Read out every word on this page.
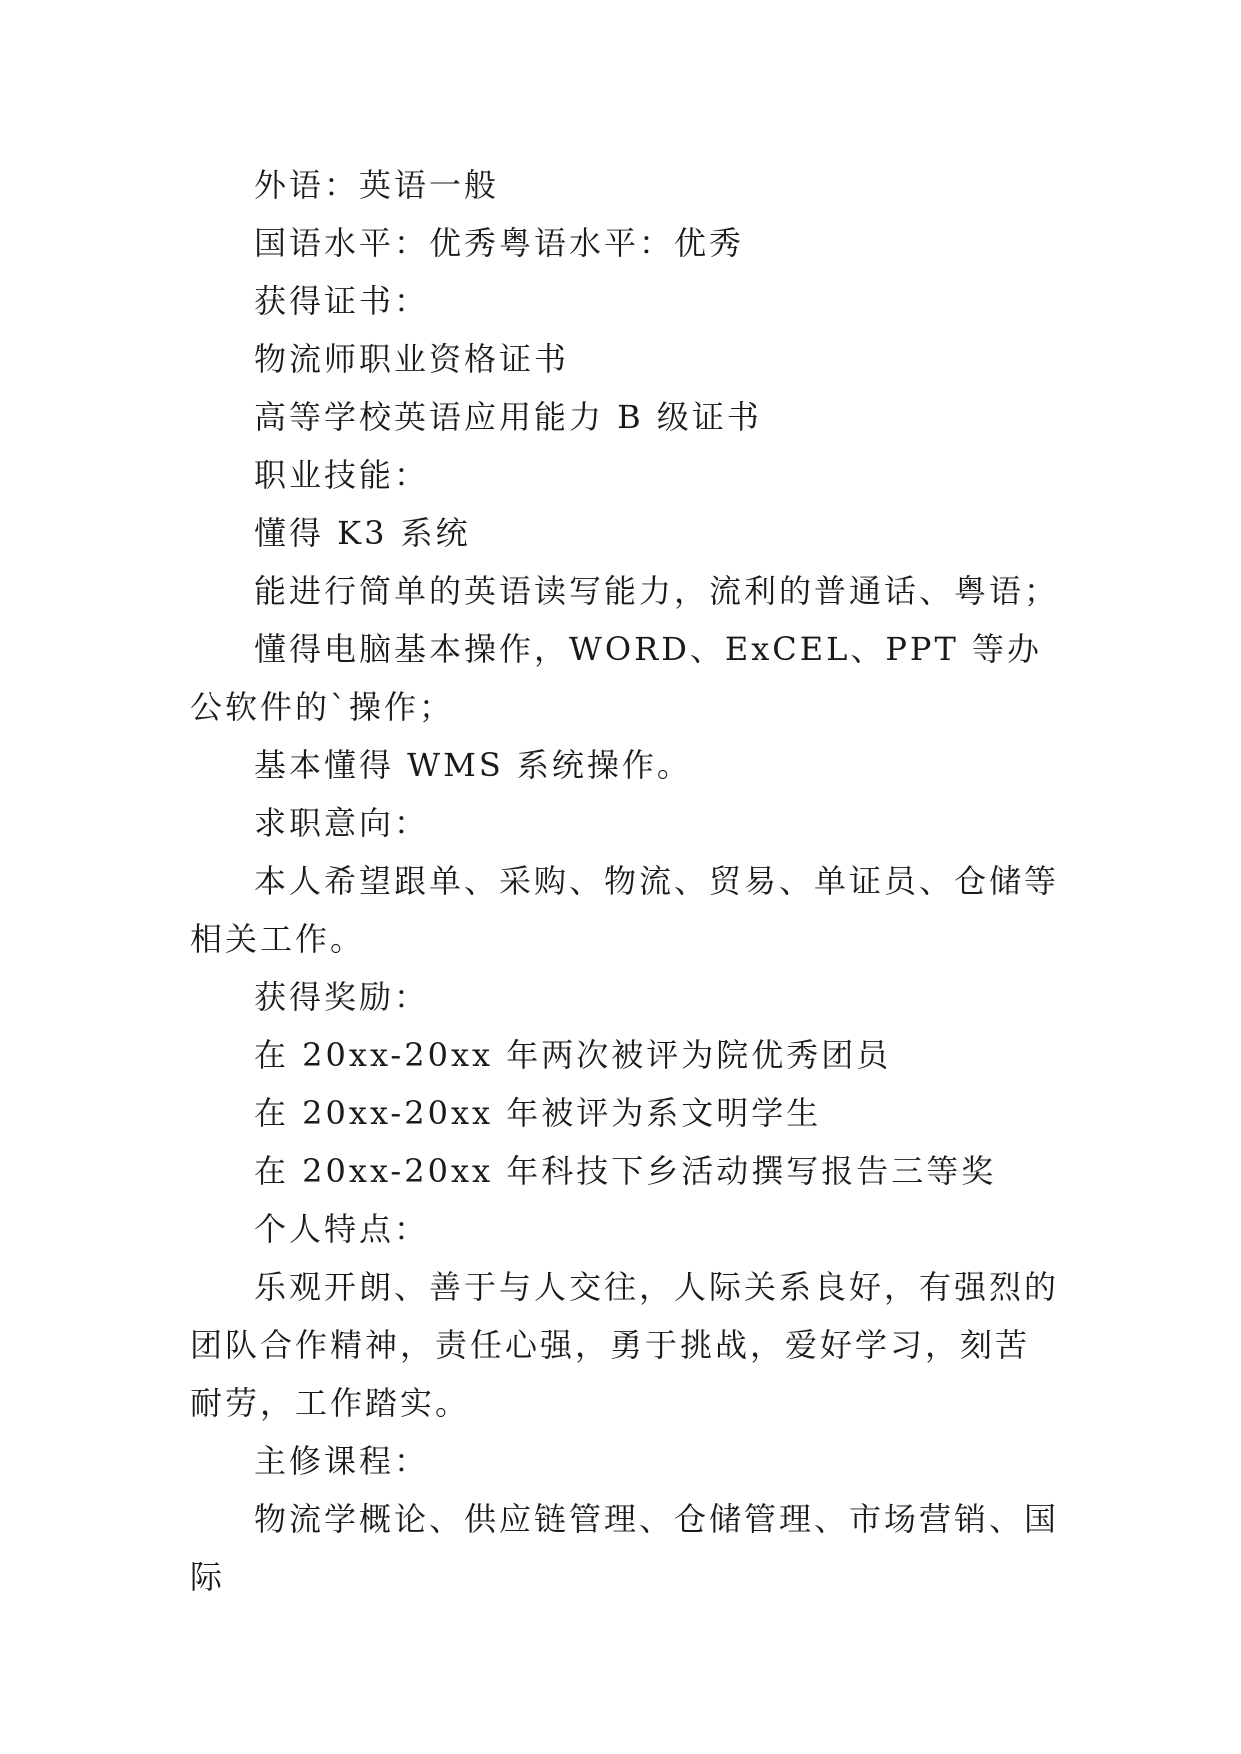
外语：英语一般

国语水平：优秀粤语水平：优秀

获得证书：

物流师职业资格证书

高等学校英语应用能力 B 级证书

职业技能：

懂得 K3 系统

能进行简单的英语读写能力，流利的普通话、粤语；

懂得电脑基本操作，WORD、ExCEL、PPT 等办公软件的`操作；

基本懂得 WMS 系统操作。

求职意向：

本人希望跟单、采购、物流、贸易、单证员、仓储等相关工作。

获得奖励：

在 20xx-20xx 年两次被评为院优秀团员

在 20xx-20xx 年被评为系文明学生

在 20xx-20xx 年科技下乡活动撰写报告三等奖

个人特点：

乐观开朗、善于与人交往，人际关系良好，有强烈的团队合作精神，责任心强，勇于挑战，爱好学习，刻苦耐劳，工作踏实。

主修课程：

物流学概论、供应链管理、仓储管理、市场营销、国际
